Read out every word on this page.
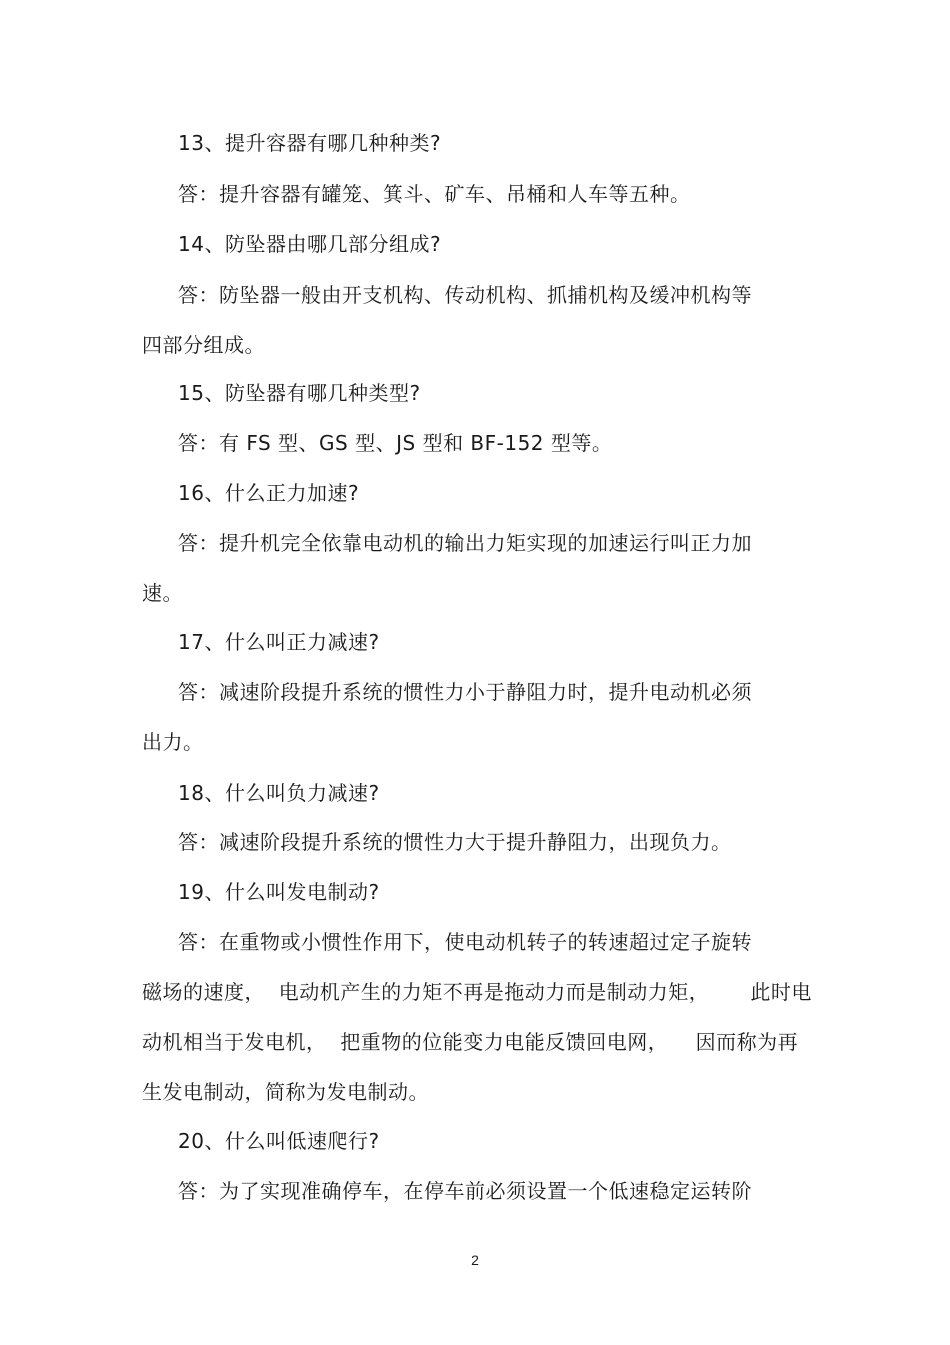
13、提升容器有哪几种种类?
答：提升容器有罐笼、箕斗、矿车、吊桶和人车等五种。
14、防坠器由哪几部分组成?
答：防坠器一般由开支机构、传动机构、抓捕机构及缓冲机构等
四部分组成。
15、防坠器有哪几种类型?
答：有 FS 型、GS 型、JS 型和 BF-152 型等。
16、什么正力加速?
答：提升机完全依靠电动机的输出力矩实现的加速运行叫正力加
速。
17、什么叫正力减速?
答：减速阶段提升系统的惯性力小于静阻力时，提升电动机必须
出力。
18、什么叫负力减速?
答：减速阶段提升系统的惯性力大于提升静阻力，出现负力。
19、什么叫发电制动?
答：在重物或小惯性作用下，使电动机转子的转速超过定子旋转
磁场的速度，  电动机产生的力矩不再是拖动力而是制动力矩，      此时电
动机相当于发电机，  把重物的位能变力电能反馈回电网，    因而称为再
生发电制动，简称为发电制动。
20、什么叫低速爬行?
答：为了实现准确停车，在停车前必须设置一个低速稳定运转阶
2
